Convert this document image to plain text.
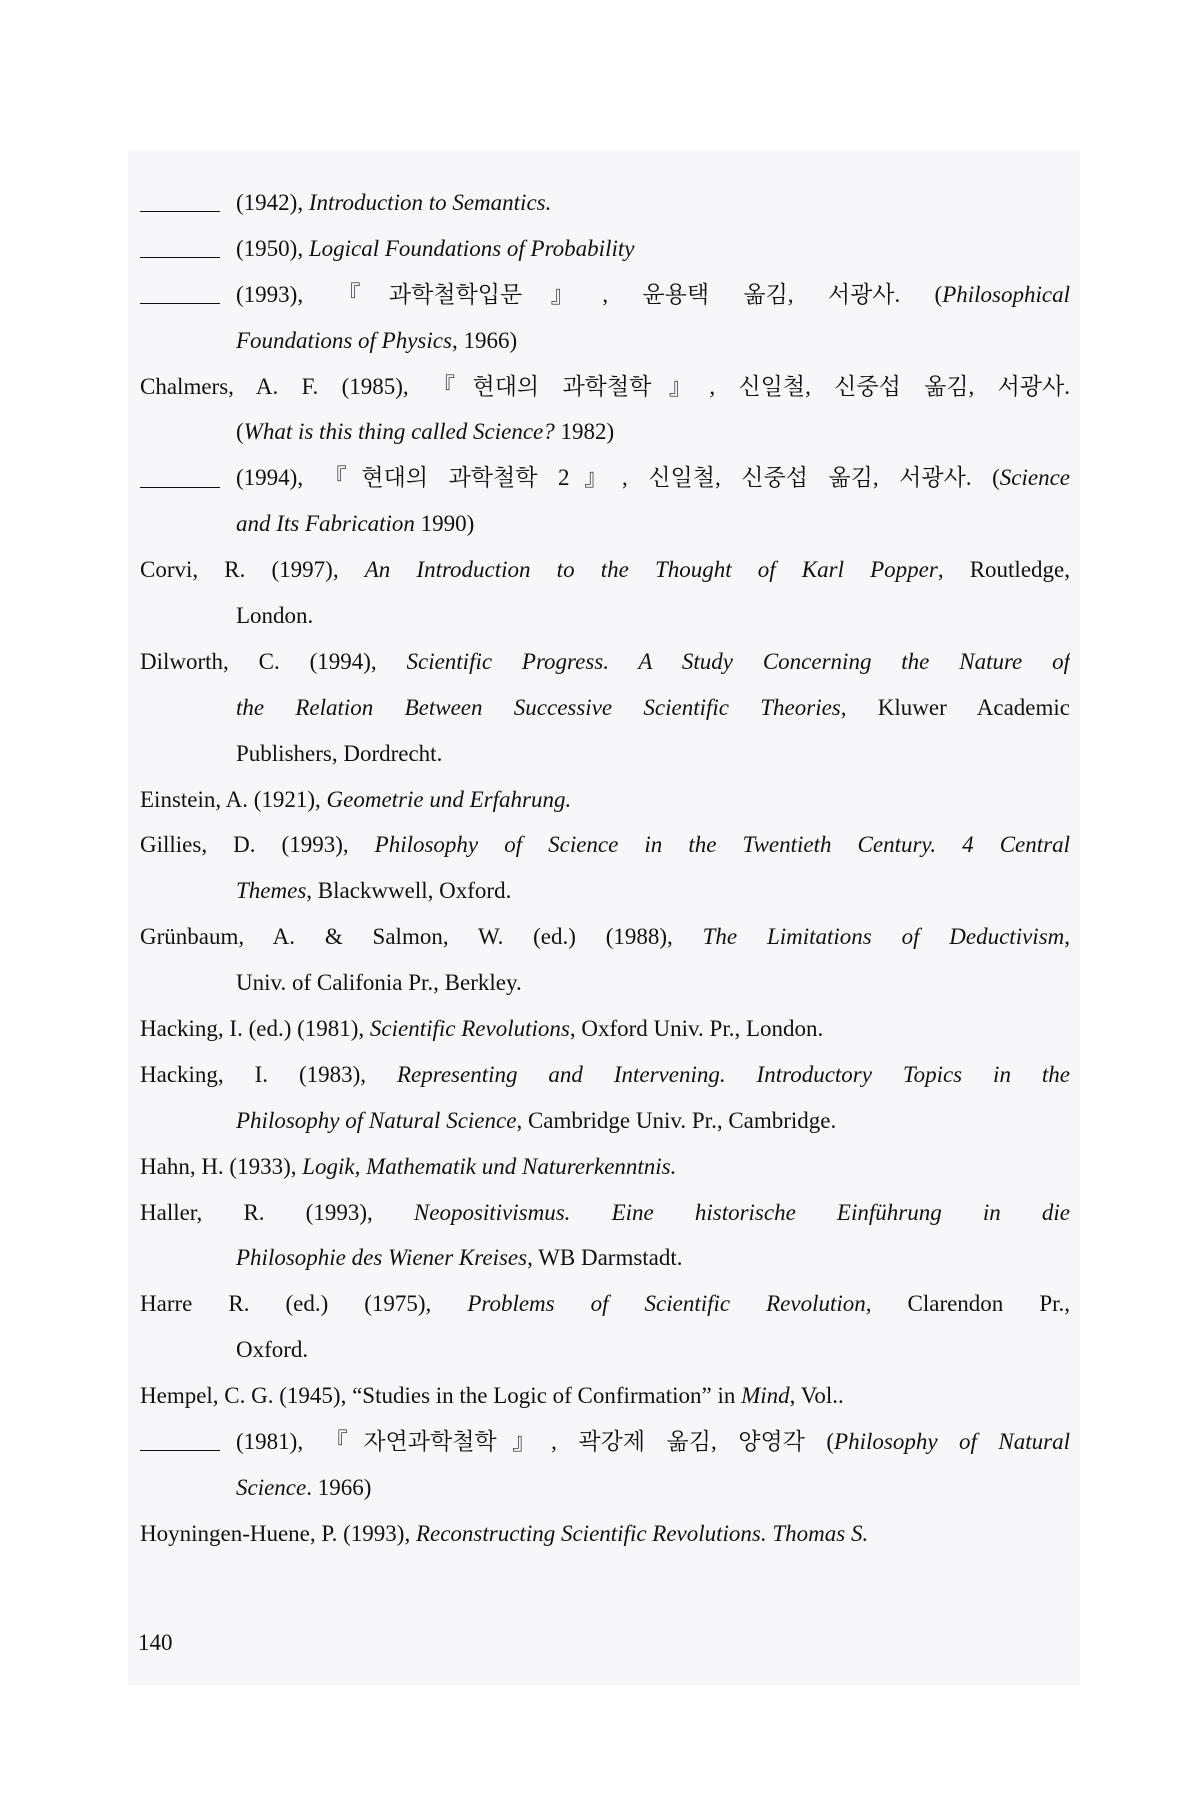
(1942), Introduction to Semantics.
(1950), Logical Foundations of Probability
(1993), 『과학철학입문』, 윤용택 옮김, 서광사. (Philosophical
Foundations of Physics, 1966)
Chalmers, A. F. (1985), 『현대의 과학철학』, 신일철, 신중섭 옮김, 서광사.
(What is this thing called Science? 1982)
(1994), 『현대의 과학철학 2』, 신일철, 신중섭 옮김, 서광사. (Science
and Its Fabrication 1990)
Corvi, R. (1997), An Introduction to the Thought of Karl Popper, Routledge,
London.
Dilworth, C. (1994), Scientific Progress. A Study Concerning the Nature of
the Relation Between Successive Scientific Theories, Kluwer Academic
Publishers, Dordrecht.
Einstein, A. (1921), Geometrie und Erfahrung.
Gillies, D. (1993), Philosophy of Science in the Twentieth Century. 4 Central
Themes, Blackwwell, Oxford.
Grünbaum, A. & Salmon, W. (ed.) (1988), The Limitations of Deductivism,
Univ. of Califonia Pr., Berkley.
Hacking, I. (ed.) (1981), Scientific Revolutions, Oxford Univ. Pr., London.
Hacking, I. (1983), Representing and Intervening. Introductory Topics in the
Philosophy of Natural Science, Cambridge Univ. Pr., Cambridge.
Hahn, H. (1933), Logik, Mathematik und Naturerkenntnis.
Haller, R. (1993), Neopositivismus. Eine historische Einführung in die
Philosophie des Wiener Kreises, WB Darmstadt.
Harre R. (ed.) (1975), Problems of Scientific Revolution, Clarendon Pr.,
Oxford.
Hempel, C. G. (1945), “Studies in the Logic of Confirmation” in Mind, Vol..
(1981), 『자연과학철학』, 곽강제 옮김, 양영각 (Philosophy of Natural
Science. 1966)
Hoyningen-Huene, P. (1993), Reconstructing Scientific Revolutions. Thomas S.
140
